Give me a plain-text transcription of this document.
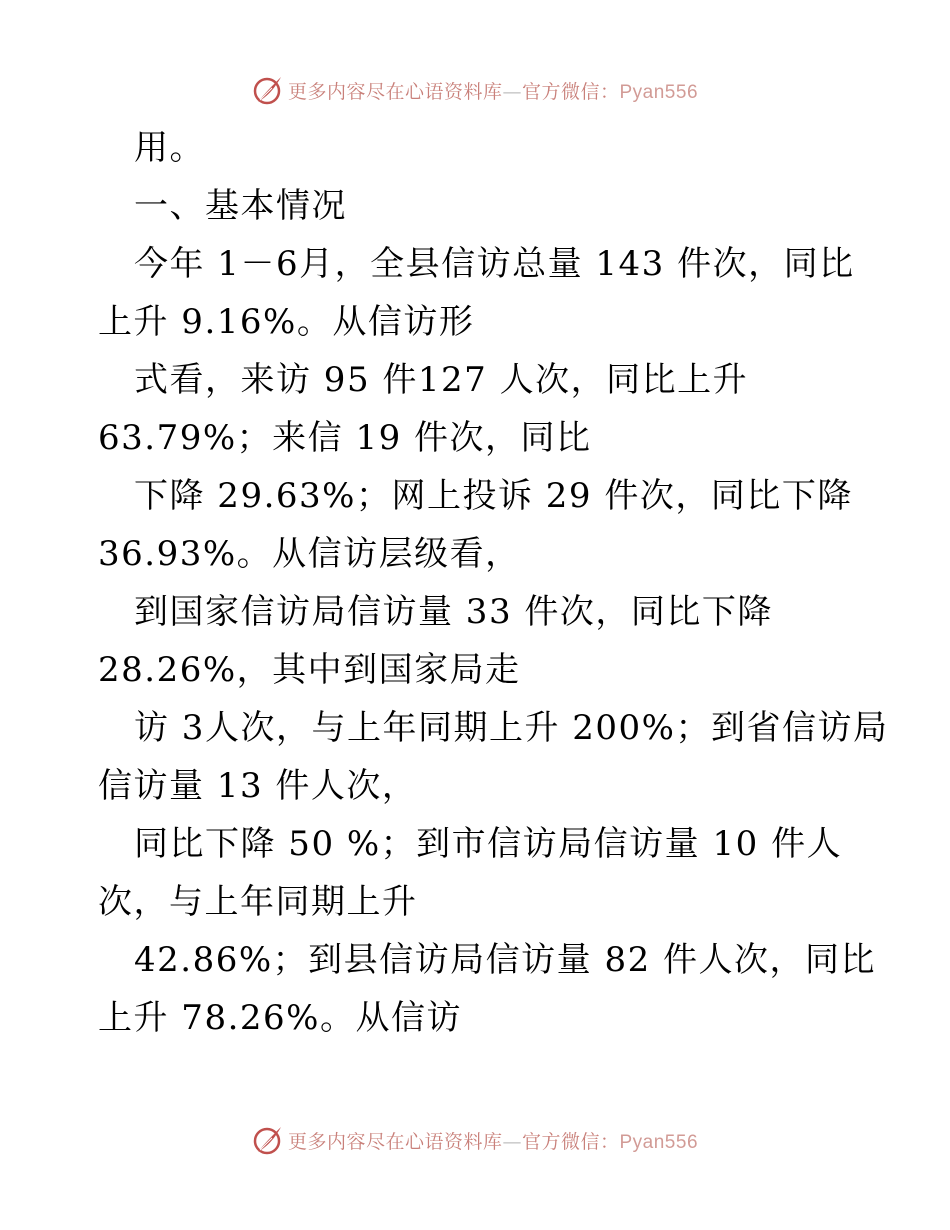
更多内容尽在心语资料库—官方微信：Pyan556
用。
一、基本情况
今年 1－6月，全县信访总量 143 件次，同比
上升 9.16%。从信访形
式看，来访 95 件127 人次，同比上升
63.79%；来信 19 件次，同比
下降 29.63%；网上投诉 29 件次，同比下降
36.93%。从信访层级看，
到国家信访局信访量 33 件次，同比下降
28.26%，其中到国家局走
访 3人次，与上年同期上升 200%；到省信访局
信访量 13 件人次，
同比下降 50 %；到市信访局信访量 10 件人
次，与上年同期上升
42.86%；到县信访局信访量 82 件人次，同比
上升 78.26%。从信访
更多内容尽在心语资料库—官方微信：Pyan556
